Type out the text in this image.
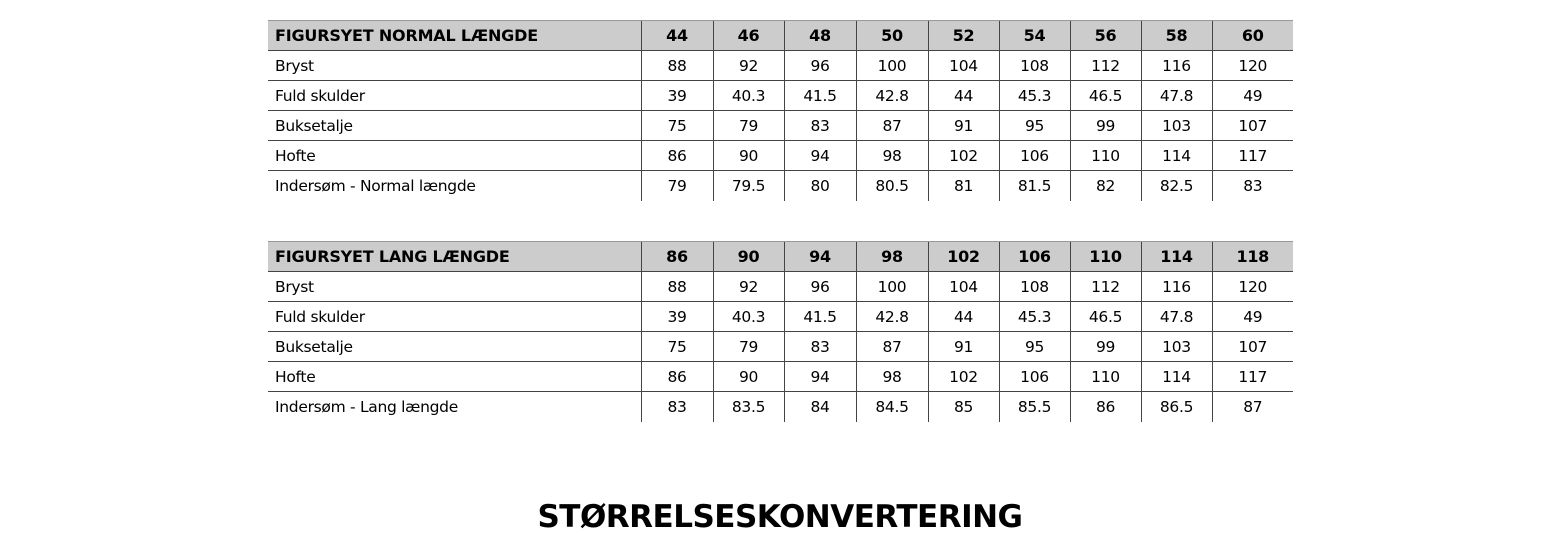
FIGURSYET NORMAL LÆNGDE	44	46	48	50	52	54	56	58	60
Bryst	88	92	96	100	104	108	112	116	120
Fuld skulder	39	40.3	41.5	42.8	44	45.3	46.5	47.8	49
Buksetalje	75	79	83	87	91	95	99	103	107
Hofte	86	90	94	98	102	106	110	114	117
Indersøm - Normal længde	79	79.5	80	80.5	81	81.5	82	82.5	83
FIGURSYET LANG LÆNGDE	86	90	94	98	102	106	110	114	118
Bryst	88	92	96	100	104	108	112	116	120
Fuld skulder	39	40.3	41.5	42.8	44	45.3	46.5	47.8	49
Buksetalje	75	79	83	87	91	95	99	103	107
Hofte	86	90	94	98	102	106	110	114	117
Indersøm - Lang længde	83	83.5	84	84.5	85	85.5	86	86.5	87
STØRRELSESKONVERTERING
